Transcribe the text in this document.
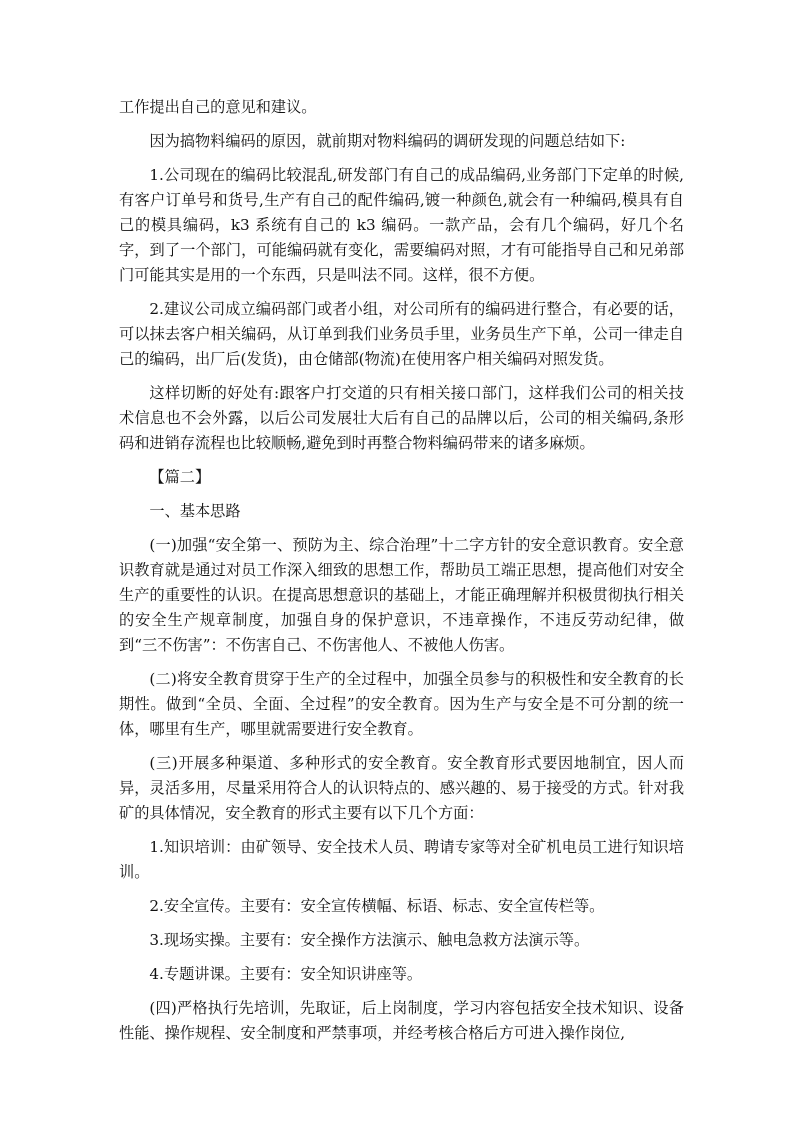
工作提出自己的意见和建议。

因为搞物料编码的原因，就前期对物料编码的调研发现的问题总结如下:

1.公司现在的编码比较混乱,研发部门有自己的成品编码,业务部门下定单的时候,有客户订单号和货号,生产有自己的配件编码,镀一种颜色,就会有一种编码,模具有自己的模具编码，k3 系统有自己的 k3 编码。一款产品，会有几个编码，好几个名字，到了一个部门，可能编码就有变化，需要编码对照，才有可能指导自己和兄弟部门可能其实是用的一个东西，只是叫法不同。这样，很不方便。

2.建议公司成立编码部门或者小组，对公司所有的编码进行整合，有必要的话，可以抹去客户相关编码，从订单到我们业务员手里，业务员生产下单，公司一律走自己的编码，出厂后(发货)，由仓储部(物流)在使用客户相关编码对照发货。

这样切断的好处有:跟客户打交道的只有相关接口部门，这样我们公司的相关技术信息也不会外露，以后公司发展壮大后有自己的品牌以后，公司的相关编码,条形码和进销存流程也比较顺畅,避免到时再整合物料编码带来的诸多麻烦。

【篇二】

一、基本思路

(一)加强“安全第一、预防为主、综合治理”十二字方针的安全意识教育。安全意识教育就是通过对员工作深入细致的思想工作，帮助员工端正思想，提高他们对安全生产的重要性的认识。在提高思想意识的基础上，才能正确理解并积极贯彻执行相关的安全生产规章制度，加强自身的保护意识，不违章操作，不违反劳动纪律，做到“三不伤害”：不伤害自己、不伤害他人、不被他人伤害。

(二)将安全教育贯穿于生产的全过程中，加强全员参与的积极性和安全教育的长期性。做到“全员、全面、全过程”的安全教育。因为生产与安全是不可分割的统一体，哪里有生产，哪里就需要进行安全教育。

(三)开展多种渠道、多种形式的安全教育。安全教育形式要因地制宜，因人而异，灵活多用，尽量采用符合人的认识特点的、感兴趣的、易于接受的方式。针对我矿的具体情况，安全教育的形式主要有以下几个方面：

1.知识培训：由矿领导、安全技术人员、聘请专家等对全矿机电员工进行知识培训。

2.安全宣传。主要有：安全宣传横幅、标语、标志、安全宣传栏等。

3.现场实操。主要有：安全操作方法演示、触电急救方法演示等。

4.专题讲课。主要有：安全知识讲座等。

(四)严格执行先培训，先取证，后上岗制度，学习内容包括安全技术知识、设备性能、操作规程、安全制度和严禁事项，并经考核合格后方可进入操作岗位,
